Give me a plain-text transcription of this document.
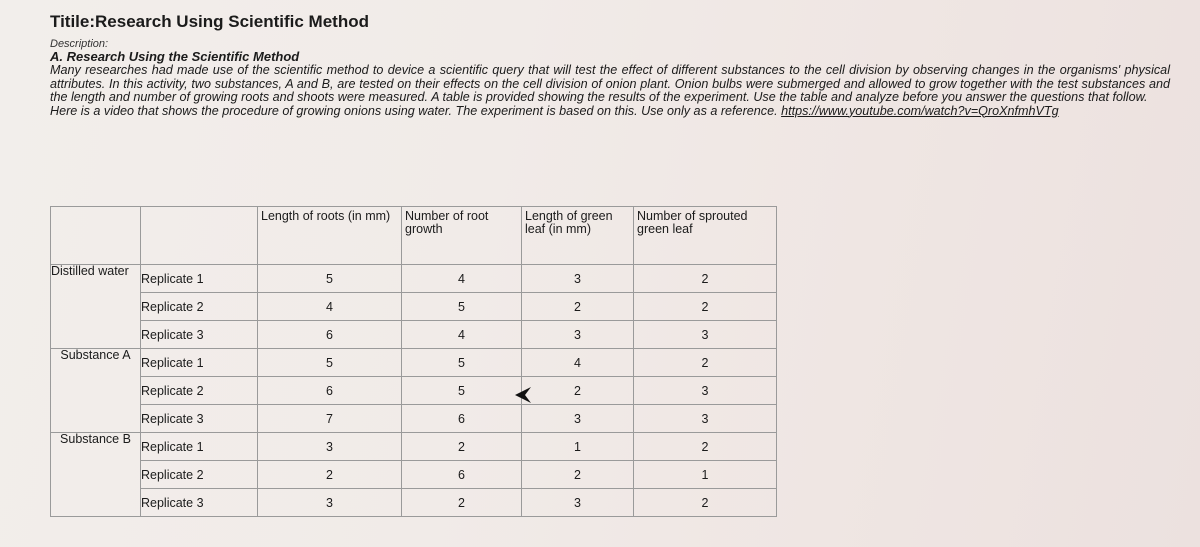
Titile:Research Using Scientific Method

Description:

A. Research Using the Scientific Method

Many researches had made use of the scientific method to device a scientific query that will test the effect of different substances to the cell division by observing changes in the organisms' physical attributes. In this activity, two substances, A and B, are tested on their effects on the cell division of onion plant. Onion bulbs were submerged and allowed to grow together with the test substances and the length and number of growing roots and shoots were measured. A table is provided showing the results of the experiment. Use the table and analyze before you answer the questions that follow.

Here is a video that shows the procedure of growing onions using water. The experiment is based on this. Use only as a reference. https://www.youtube.com/watch?v=QroXnfmhVTg

		Length of roots (in mm)	Number of root growth	Length of green leaf (in mm)	Number of sprouted green leaf
Distilled water	Replicate 1	5	4	3	2
	Replicate 2	4	5	2	2
	Replicate 3	6	4	3	3
Substance A	Replicate 1	5	5	4	2
	Replicate 2	6	5	2	3
	Replicate 3	7	6	3	3
Substance B	Replicate 1	3	2	1	2
	Replicate 2	2	6	2	1
	Replicate 3	3	2	3	2
